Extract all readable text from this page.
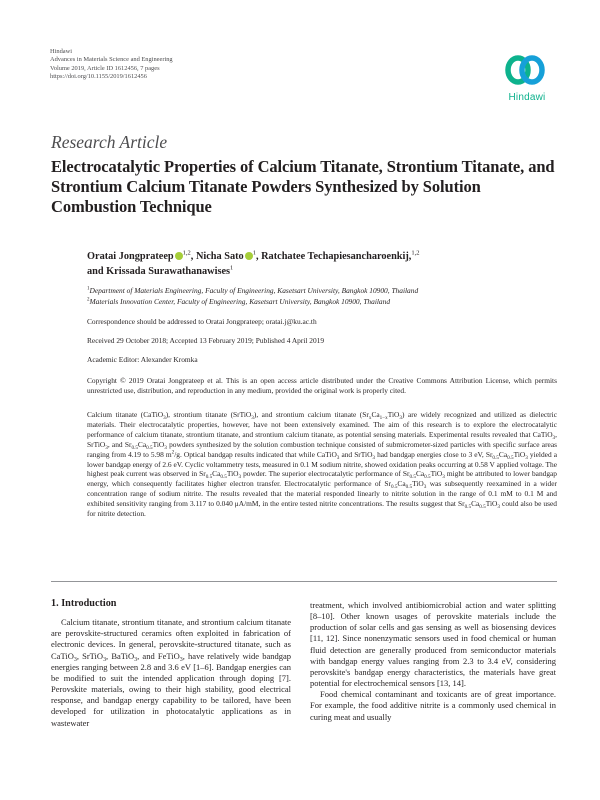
Hindawi
Advances in Materials Science and Engineering
Volume 2019, Article ID 1612456, 7 pages
https://doi.org/10.1155/2019/1612456
Hindawi
Research Article
Electrocatalytic Properties of Calcium Titanate, Strontium Titanate, and Strontium Calcium Titanate Powders Synthesized by Solution Combustion Technique
Oratai Jongprateep iD $^{1,2}$, Nicha Sato iD $^1$, Ratchatee Techapiesancharoenkij,$^{1,2}$
and Krissada Surawathanawises$^1$
$^1$Department of Materials Engineering, Faculty of Engineering, Kasetsart University, Bangkok 10900, Thailand
$^2$Materials Innovation Center, Faculty of Engineering, Kasetsart University, Bangkok 10900, Thailand
Correspondence should be addressed to Oratai Jongprateep; oratai.j@ku.ac.th
Received 29 October 2018; Accepted 13 February 2019; Published 4 April 2019
Academic Editor: Alexander Kromka
Copyright © 2019 Oratai Jongprateep et al. This is an open access article distributed under the Creative Commons Attribution License, which permits unrestricted use, distribution, and reproduction in any medium, provided the original work is properly cited.

Calcium titanate (CaTiO$_3$), strontium titanate (SrTiO$_3$), and strontium calcium titanate $(Sr_xCa_{1-x}TiO_3)$ are widely recognized and utilized as dielectric materials. Their electrocatalytic properties, however, have not been extensively examined. The aim of this research is to explore the electrocatalytic performance of calcium titanate, strontium titanate, and strontium calcium titanate, as potential sensing materials. Experimental results revealed that CaTiO$_3$, SrTiO$_3$, and $Sr_{0.5}Ca_{0.5}TiO_3$ powders synthesized by the solution combustion technique consisted of submicrometer-sized particles with specific surface areas ranging from 4.19 to 5.98 $m^2/g$. Optical bandgap results indicated that while CaTiO$_3$ and SrTiO$_3$ had bandgap energies close to 3 eV, $Sr_{0.5}Ca_{0.5}TiO_3$ yielded a lower bandgap energy of 2.6 eV. Cyclic voltammetry tests, measured in 0.1 M sodium nitrite, showed oxidation peaks occurring at 0.58 V applied voltage. The highest peak current was observed in $Sr_{0.5}Ca_{0.5}TiO_3$ powder. The superior electrocatalytic performance of $Sr_{0.5}Ca_{0.5}TiO_3$ might be attributed to lower bandgap energy, which consequently facilitates higher electron transfer. Electrocatalytic performance of $Sr_{0.5}Ca_{0.5}TiO_3$ was subsequently reexamined in a wider concentration range of sodium nitrite. The results revealed that the material responded linearly to nitrite solution in the range of 0.1 mM to 0.1 M and exhibited sensitivity ranging from 3.117 to 0.040 μA/mM, in the entire tested nitrite concentrations. The results suggest that $Sr_{0.5}Ca_{0.5}TiO_3$ could also be used for nitrite detection.

1. Introduction

Calcium titanate, strontium titanate, and strontium calcium titanate are perovskite-structured ceramics often exploited in fabrication of electronic devices. In general, perovskite-structured titanate, such as CaTiO$_3$, SrTiO$_3$, BaTiO$_3$, and FeTiO$_3$, have relatively wide bandgap energies ranging between 2.8 and 3.6 eV [1–6]. Bandgap energies can be modified to suit the intended application through doping [7]. Perovskite materials, owing to their high stability, good electrical response, and bandgap energy capability to be tailored, have been developed for utilization in photocatalytic applications as in wastewater

treatment, which involved antibiomicrobial action and water splitting [8–10]. Other known usages of perovskite materials include the production of solar cells and gas sensing as well as biosensing devices [11, 12]. Since nonenzymatic sensors used in food chemical or human fluid detection are generally produced from semiconductor materials with bandgap energy values ranging from 2.3 to 3.4 eV, considering perovskite's bandgap energy characteristics, the materials have great potential for electrochemical sensors [13, 14].

Food chemical contaminant and toxicants are of great importance. For example, the food additive nitrite is a commonly used chemical in curing meat and usually
